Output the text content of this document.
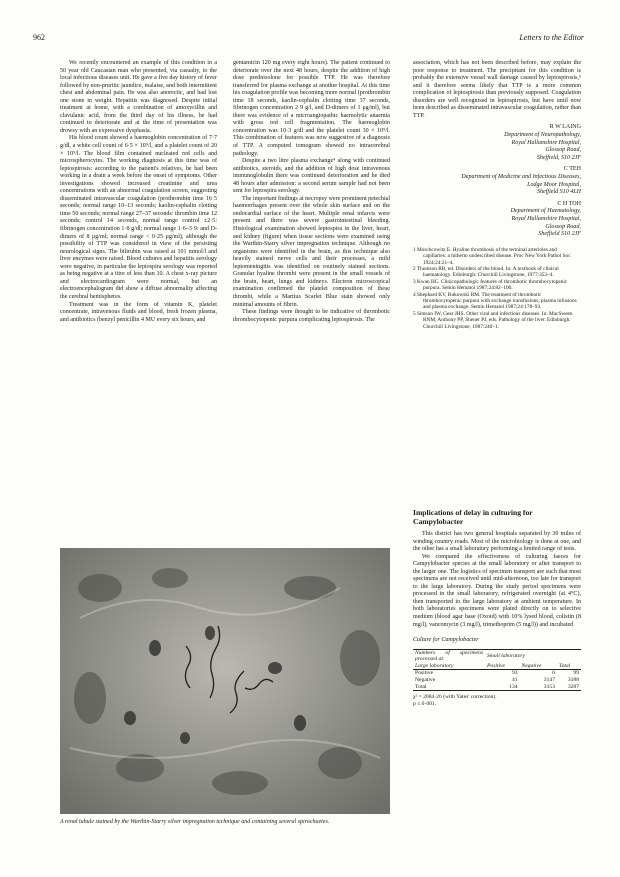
962	Letters to the Editor

We recently encountered an example of this condition in a 50 year old Caucasian man who presented, via casualty, to the local infectious diseases unit. He gave a five day history of fever followed by non-pruritic jaundice, malaise, and both intermittent chest and abdominal pain. He was also anorectic, and had lost one stone in weight. Hepatitis was diagnosed. Despite initial treatment at home, with a combination of amoxycillin and clavulanic acid, from the third day of his illness, he had continued to deteriorate and at the time of presentation was drowsy with an expressive dysphasia.

His blood count showed a haemoglobin concentration of 7·7 g/dl, a white cell count of 6·5 × 10⁹/l, and a platelet count of 20 × 10⁹/l. The blood film contained nucleated red cells and microspherocytes. The working diagnosis at this time was of leptospirosis: according to the patient's relatives, he had been working in a drain a week before the onset of symptoms. Other investigations showed increased creatinine and urea concentrations with an abnormal coagulation screen, suggesting disseminated intravascular coagulation (prothrombin time 16·5 seconds; normal range 10–13 seconds; kaolin-cephalin clotting time 50 seconds; normal range 27–37 seconds: thrombin time 12 seconds; control 14 seconds, normal range control ±2·5: fibrinogen concentration 1·8 g/dl; normal range 1·6–3·9: and D-dimers of 8 μg/ml; normal range < 0·25 μg/ml), although the possibility of TTP was considered in view of the persisting neurological signs. The bilirubin was raised at 101 mmol/l and liver enzymes were raised. Blood cultures and hepatitis serology were negative, in particular the leptospira serology was reported as being negative at a titre of less than 10. A chest x-ray picture and electrocardiogram were normal, but an electroencephalogram did show a diffuse abnormality affecting the cerebral hemispheres.

Treatment was in the form of vitamin K, platelet concentrate, intravenous fluids and blood, fresh frozen plasma, and antibiotics (benzyl penicillin 4 MU every six hours, and

gentamicin 120 mg every eight hours). The patient continued to deteriorate over the next 48 hours, despite the addition of high dose prednisolone for possible TTP. He was therefore transferred for plasma exchange at another hospital. At this time his coagulation profile was becoming more normal (prothrombin time 18 seconds, kaolin-cephalin clotting time 37 seconds, fibrinogen concentration 2·9 g/l, and D-dimers of 1 μg/ml), but there was evidence of a microangiopathic haemolytic anaemia with gross red cell fragmentation. The haemoglobin concentration was 10·3 g/dl and the platelet count 30 × 10⁹/l. This combination of features was now suggestive of a diagnosis of TTP. A computed tomogram showed no intracerebral pathology.

Despite a two litre plasma exchange⁴ along with continued antibiotics, steroids, and the addition of high dose intravenous immunoglobulin there was continued deterioration and he died 48 hours after admission: a second serum sample had not been sent for leptospira serology.

The important findings at necropsy were prominent petechial haemorrhages present over the whole skin surface and on the endocardial surface of the heart. Multiple renal infarcts were present and there was severe gastrointestinal bleeding. Histological examination showed leptospira in the liver, heart, and kidney (figure) when tissue sections were examined using the Warthin-Starry silver impregnation technique. Although no organisms were identified in the brain, as this technique also heavily stained nerve cells and their processes, a mild leptomeningitis was identified on routinely stained sections. Granular hyaline thrombi were present in the small vessels of the brain, heart, lungs and kidneys. Electron microscopical examination confirmed the platelet composition of these thrombi, while a Martius Scarlet Blue stain showed only minimal amounts of fibrin.

These findings were thought to be indicative of thrombotic thrombocytopenic purpura complicating leptospirosis. The

association, which has not been described before, may explain the poor response to treatment. The precipitant for this condition is probably the extensive vessel wall damage caused by leptospirosis,⁵ and it therefore seems likely that TTP is a more common complication of leptospirosis than previously supposed. Coagulation disorders are well recognised in leptospirosis, but have until now been described as disseminated intravascular coagulation, rather than TTP.

R W LAING
Department of Neuropathology,
Royal Hallamshire Hospital,
Glossop Road,
Sheffield, S10 2JF
C TEH
Department of Medicine and Infectious Diseases,
Lodge Moor Hospital,
Sheffield S10 4LH
C H TOH
Department of Haematology,
Royal Hallamshire Hospital,
Glossop Road,
Sheffield S10 2JF
1 Moschcowitz E. Hyaline thrombosis of the terminal arterioles and capillaries: a hitherto undescribed disease. Proc New York Pathol Soc 1924;24:21–4.
2 Thomson RB, ed. Disorders of the blood. In: A textbook of clinical haematology. Edinburgh: Churchill Livingstone, 1977:353–4.
3 Kwan HC. Clinicopathologic features of thrombotic thrombocytopenic purpura. Semin Hematol 1987;24:82–100.
4 Shephard KV, Bukowski RM. The treatment of thrombotic thrombocytopenic purpura with exchange transfusions, plasma infusions and plasma exchange. Semin Hematol 1987;24:178–93.
5 Simson IW, Gear JHS. Other viral and infectious diseases. In: MacSween RNM, Anthony PP, Sheuer PJ, eds. Pathology of the liver. Edinburgh: Churchill Livingstone, 1987:240–1.
Implications of delay in culturing for Campylobacter

This district has two general hospitals separated by 30 miles of winding country roads. Most of the microbiology is done at one, and the other has a small laboratory performing a limited range of tests.

We compared the effectiveness of culturing faeces for Campylobacter species at the small laboratory or after transport to the larger one. The logistics of specimen transport are such that most specimens are not received until mid-afternoon, too late for transport to the large laboratory. During the study period specimens were processed in the small laboratory, refrigerated overnight (at 4°C), then transported to the large laboratory at ambient temperature. In both laboratories specimens were plated directly on to selective medium (blood agar base (Oxoid) with 10% lysed blood, colistin (8 mg/l), vancomycin (3 mg/l), trimethoprim (5 mg/l)) and incubated

Culture for Campylobacter
Numbers of specimens processed at:	Small laboratory		
Large laboratory	Positive	Negative	Total
Positive	93	6	99
Negative	41	3147	3188
Total	134	3153	3287
χ² = 2084·26 (with Yates' correction).
p ≤ 0·001.
A renal tubule stained by the Warthin-Starry silver impregnation technique and containing several spirochaetes.
